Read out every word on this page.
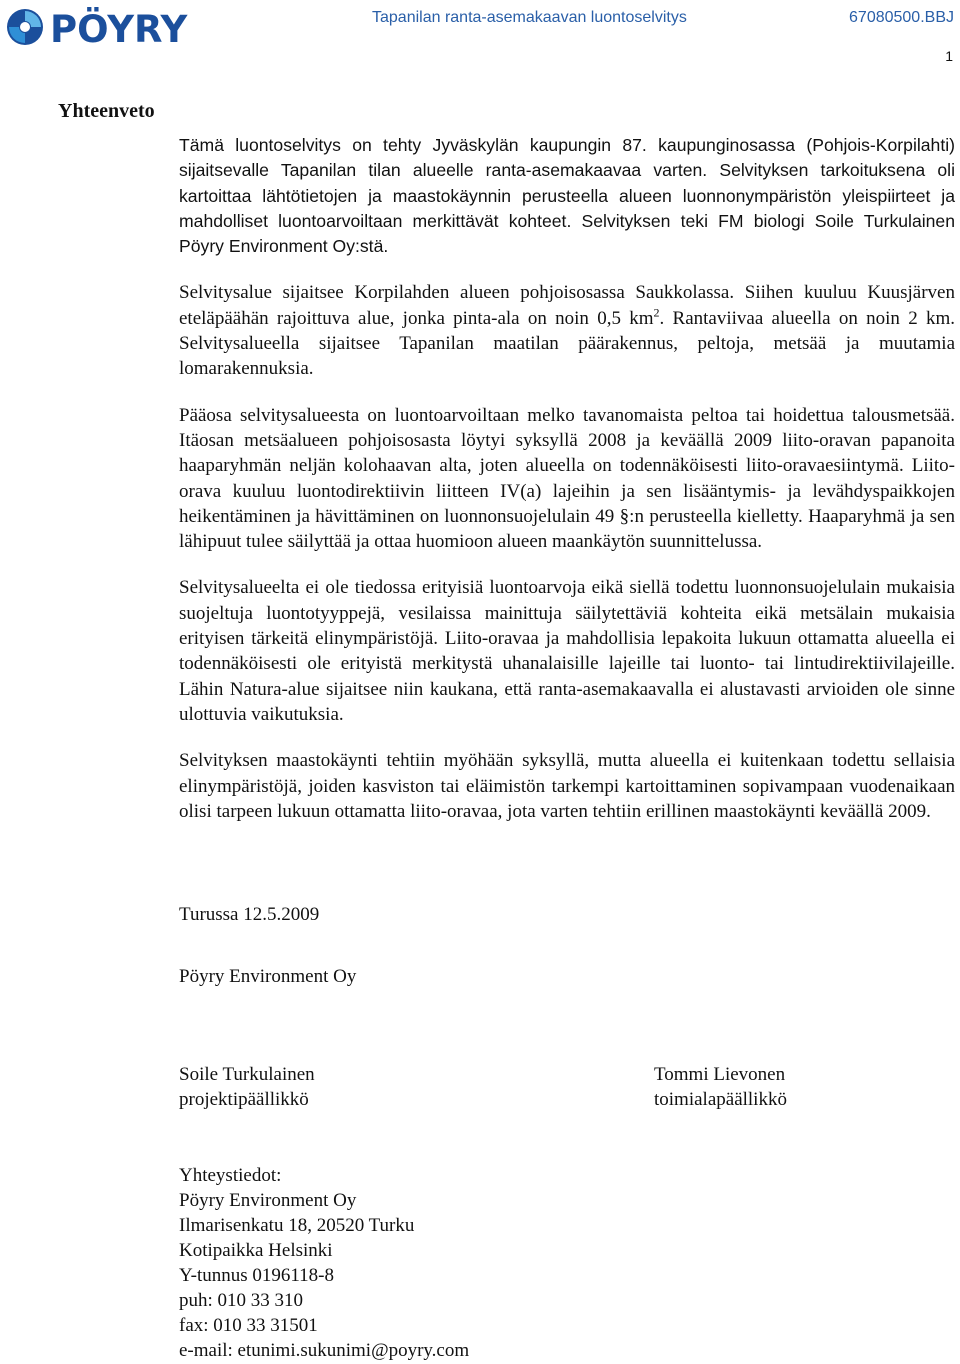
PÖYRY	Tapanilan ranta-asemakaavan luontoselvitys	67080500.BBJ
1
Yhteenveto

Tämä luontoselvitys on tehty Jyväskylän kaupungin 87. kaupunginosassa (Pohjois-Korpilahti) sijaitsevalle Tapanilan tilan alueelle ranta-asemakaavaa varten. Selvityksen tarkoituksena oli kartoittaa lähtötietojen ja maastokäynnin perusteella alueen luonnonympäristön yleispiirteet ja mahdolliset luontoarvoiltaan merkittävät kohteet. Selvityksen teki FM biologi Soile Turkulainen Pöyry Environment Oy:stä.

Selvitysalue sijaitsee Korpilahden alueen pohjoisosassa Saukkolassa. Siihen kuuluu Kuusjärven eteläpäähän rajoittuva alue, jonka pinta-ala on noin 0,5 $km^2$. Rantaviivaa alueella on noin 2 km. Selvitysalueella sijaitsee Tapanilan maatilan päärakennus, peltoja, metsää ja muutamia lomarakennuksia.

Pääosa selvitysalueesta on luontoarvoiltaan melko tavanomaista peltoa tai hoidettua talousmetsää. Itäosan metsäalueen pohjoisosasta löytyi syksyllä 2008 ja keväällä 2009 liito-oravan papanoita haaparyhmän neljän kolohaavan alta, joten alueella on todennäköisesti liito-oravaesiintymä. Liito-orava kuuluu luontodirektiivin liitteen IV(a) lajeihin ja sen lisääntymis- ja levähdyspaikkojen heikentäminen ja hävittäminen on luonnonsuojelulain 49 §:n perusteella kielletty. Haaparyhmä ja sen lähipuut tulee säilyttää ja ottaa huomioon alueen maankäytön suunnittelussa.

Selvitysalueelta ei ole tiedossa erityisiä luontoarvoja eikä siellä todettu luonnonsuojelulain mukaisia suojeltuja luontotyyppejä, vesilaissa mainittuja säilytettäviä kohteita eikä metsälain mukaisia erityisen tärkeitä elinympäristöjä. Liito-oravaa ja mahdollisia lepakoita lukuun ottamatta alueella ei todennäköisesti ole erityistä merkitystä uhanalaisille lajeille tai luonto- tai lintudirektiivilajeille. Lähin Natura-alue sijaitsee niin kaukana, että ranta-asemakaavalla ei alustavasti arvioiden ole sinne ulottuvia vaikutuksia.

Selvityksen maastokäynti tehtiin myöhään syksyllä, mutta alueella ei kuitenkaan todettu sellaisia elinympäristöjä, joiden kasviston tai eläimistön tarkempi kartoittaminen sopivampaan vuodenaikaan olisi tarpeen lukuun ottamatta liito-oravaa, jota varten tehtiin erillinen maastokäynti keväällä 2009.

Turussa 12.5.2009
Pöyry Environment Oy
Soile Turkulainen
projektipäällikkö
Tommi Lievonen
toimialapäällikkö
Yhteystiedot:
Pöyry Environment Oy
Ilmarisenkatu 18, 20520 Turku
Kotipaikka Helsinki
Y-tunnus 0196118-8
puh: 010 33 310
fax: 010 33 31501
e-mail: etunimi.sukunimi@poyry.com
